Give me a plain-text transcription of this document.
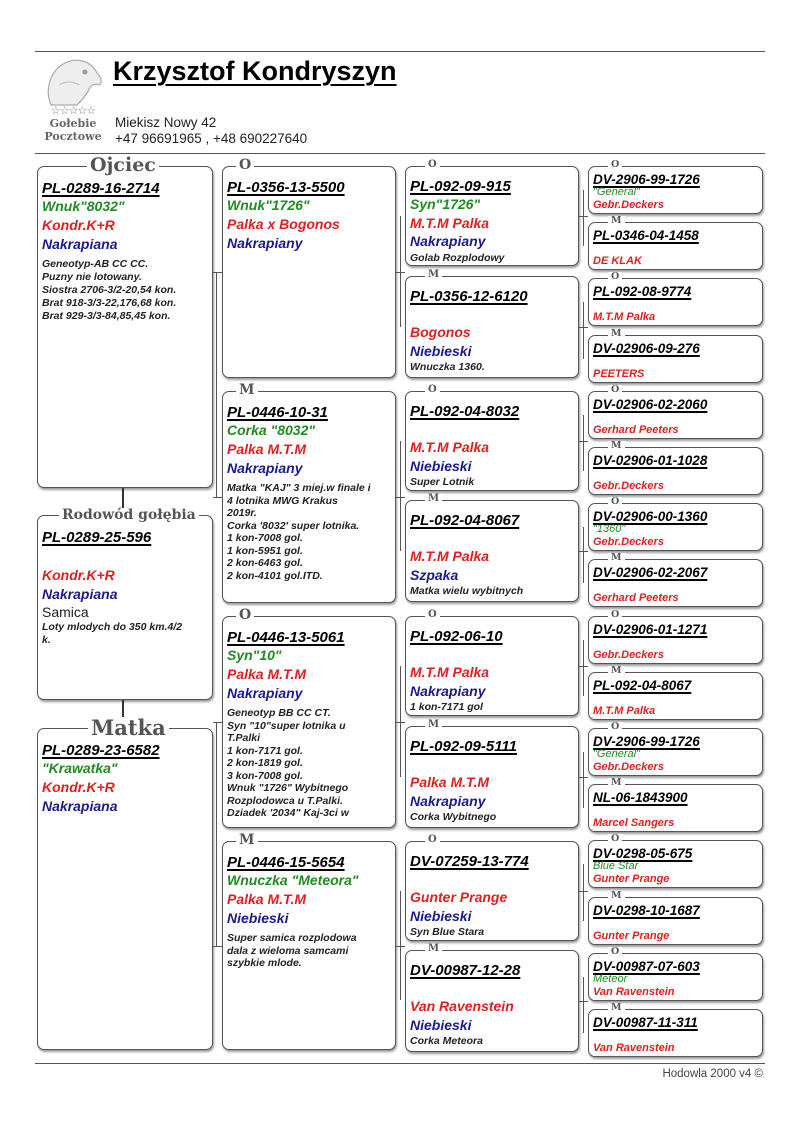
☆☆☆☆☆
Gołebie
Pocztowe
Krzysztof Kondryszyn
Miekisz Nowy 42
+47 96691965 , +48 690227640
PL-0289-16-2714
Wnuk"8032"
Kondr.K+R
Nakrapiana
Geneotyp-AB CC CC.
Puzny nie lotowany.
Siostra 2706-3/2-20,54 kon.
Brat 918-3/3-22,176,68 kon.
Brat 929-3/3-84,85,45 kon.
Ojciec
PL-0289-25-596
Kondr.K+R
Nakrapiana
Samica
Loty mlodych do 350 km.4/2
k.
Rodowód gołębia
PL-0289-23-6582
"Krawatka"
Kondr.K+R
Nakrapiana
Matka
PL-0356-13-5500
Wnuk"1726"
Palka x Bogonos
Nakrapiany
O
PL-0446-10-31
Corka "8032"
Palka M.T.M
Nakrapiany
Matka "KAJ" 3 miej.w finale i
4 lotnika MWG Krakus
2019r.
Corka '8032' super lotnika.
1 kon-7008 gol.
1 kon-5951 gol.
2 kon-6463 gol.
2 kon-4101 gol.ITD.
M
PL-0446-13-5061
Syn"10"
Palka M.T.M
Nakrapiany
Geneotyp BB CC CT.
Syn "10"super lotnika u
T.Palki
1 kon-7171 gol.
2 kon-1819 gol.
3 kon-7008 gol.
Wnuk "1726" Wybitnego
Rozplodowca u T.Palki.
Dziadek '2034" Kaj-3ci w
O
PL-0446-15-5654
Wnuczka "Meteora"
Palka M.T.M
Niebieski
Super samica rozplodowa
dala z wieloma samcami
szybkie mlode.
M
PL-092-09-915
Syn"1726"
M.T.M Palka
Nakrapiany
Golab Rozplodowy
O
PL-0356-12-6120
Bogonos
Niebieski
Wnuczka 1360.
M
PL-092-04-8032
M.T.M Palka
Niebieski
Super Lotnik
O
PL-092-04-8067
M.T.M Palka
Szpaka
Matka wielu wybitnych
M
PL-092-06-10
M.T.M Palka
Nakrapiany
1 kon-7171 gol
O
PL-092-09-5111
Palka M.T.M
Nakrapiany
Corka Wybitnego
M
DV-07259-13-774
Gunter Prange
Niebieski
Syn Blue Stara
O
DV-00987-12-28
Van Ravenstein
Niebieski
Corka Meteora
M
DV-2906-99-1726
"General"
Gebr.Deckers
O
PL-0346-04-1458
DE KLAK
M
PL-092-08-9774
M.T.M Palka
O
DV-02906-09-276
PEETERS
M
DV-02906-02-2060
Gerhard Peeters
O
DV-02906-01-1028
Gebr.Deckers
M
DV-02906-00-1360
"1360"
Gebr.Deckers
O
DV-02906-02-2067
Gerhard Peeters
M
DV-02906-01-1271
Gebr.Deckers
O
PL-092-04-8067
M.T.M Palka
M
DV-2906-99-1726
"General"
Gebr.Deckers
O
NL-06-1843900
Marcel Sangers
M
DV-0298-05-675
Blue Star
Gunter Prange
O
DV-0298-10-1687
Gunter Prange
M
DV-00987-07-603
Meteor
Van Ravenstein
O
DV-00987-11-311
Van Ravenstein
M
Hodowla 2000 v4 ©
